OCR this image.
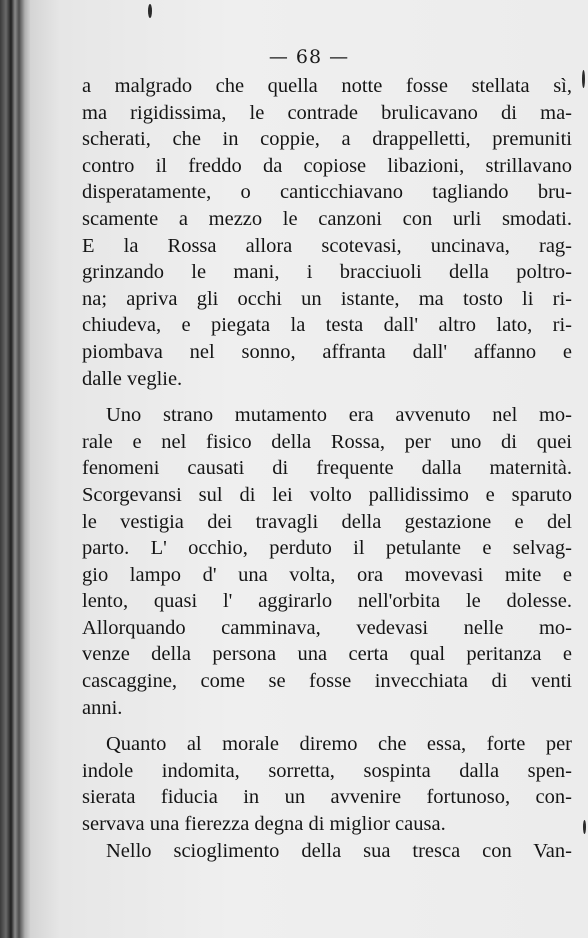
— 68 —
a malgrado che quella notte fosse stellata sì,
ma rigidissima, le contrade brulicavano di ma-
scherati, che in coppie, a drappelletti, premuniti
contro il freddo da copiose libazioni, strillavano
disperatamente, o canticchiavano tagliando bru-
scamente a mezzo le canzoni con urli smodati.
E la Rossa allora scotevasi, uncinava, rag-
grinzando le mani, i bracciuoli della poltro-
na; apriva gli occhi un istante, ma tosto li ri-
chiudeva, e piegata la testa dall' altro lato, ri-
piombava nel sonno, affranta dall' affanno e
dalle veglie.
Uno strano mutamento era avvenuto nel mo-
rale e nel fisico della Rossa, per uno di quei
fenomeni causati di frequente dalla maternità.
Scorgevansi sul di lei volto pallidissimo e sparuto
le vestigia dei travagli della gestazione e del
parto. L' occhio, perduto il petulante e selvag-
gio lampo d' una volta, ora movevasi mite e
lento, quasi l' aggirarlo nell'orbita le dolesse.
Allorquando camminava, vedevasi nelle mo-
venze della persona una certa qual peritanza e
cascaggine, come se fosse invecchiata di venti
anni.
Quanto al morale diremo che essa, forte per
indole indomita, sorretta, sospinta dalla spen-
sierata fiducia in un avvenire fortunoso, con-
servava una fierezza degna di miglior causa.
Nello scioglimento della sua tresca con Van-
